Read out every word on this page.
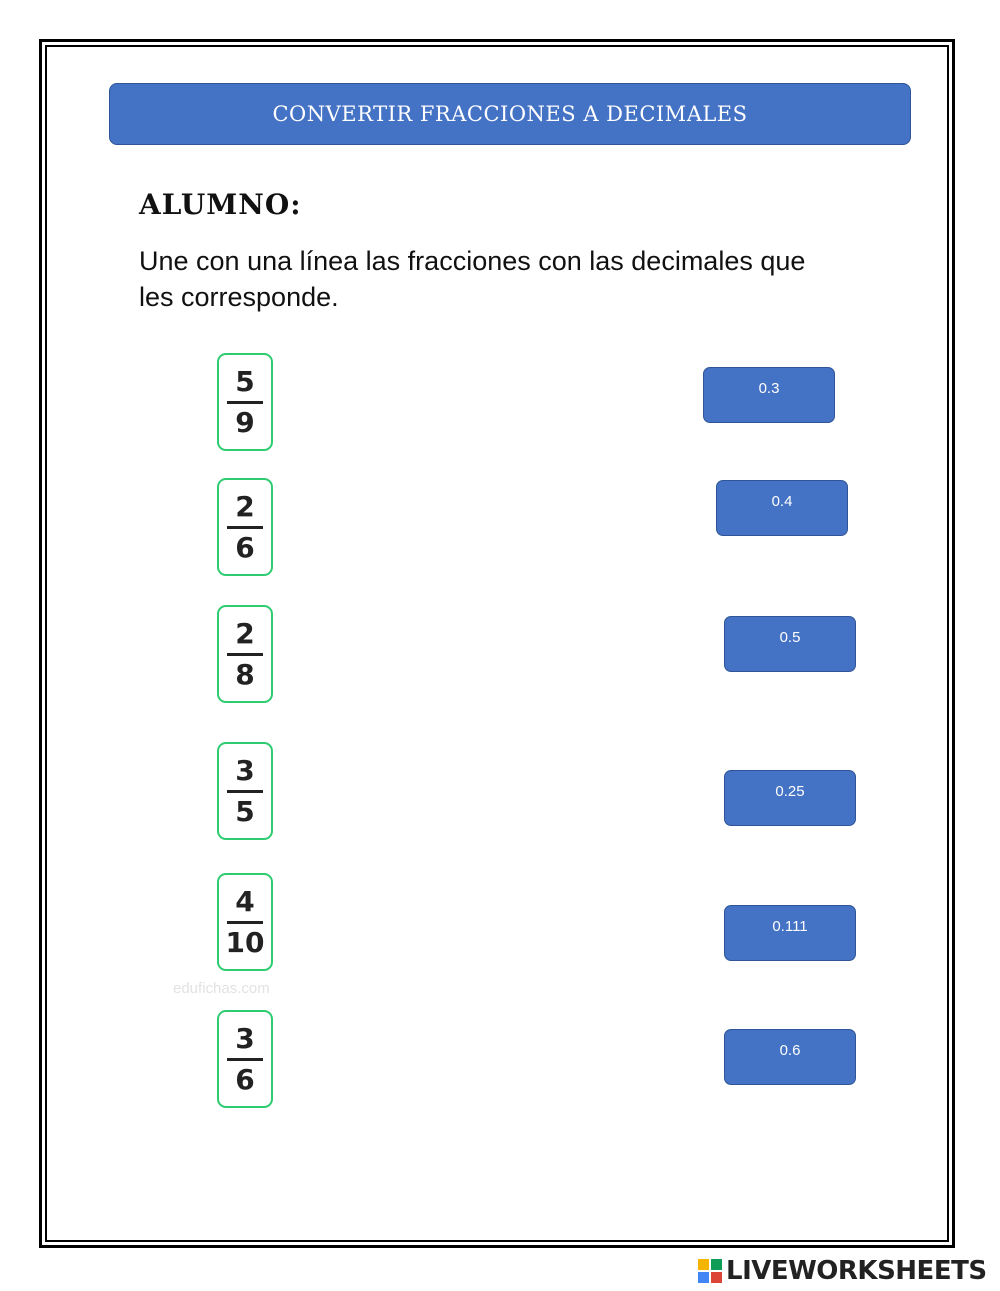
CONVERTIR FRACCIONES A DECIMALES
ALUMNO:
Une con una línea las fracciones con las decimales que les corresponde.
5
9
2
6
2
8
3
5
4
10
3
6
edufichas.com
0.3
0.4
0.5
0.25
0.111
0.6
LIVEWORKSHEETS
